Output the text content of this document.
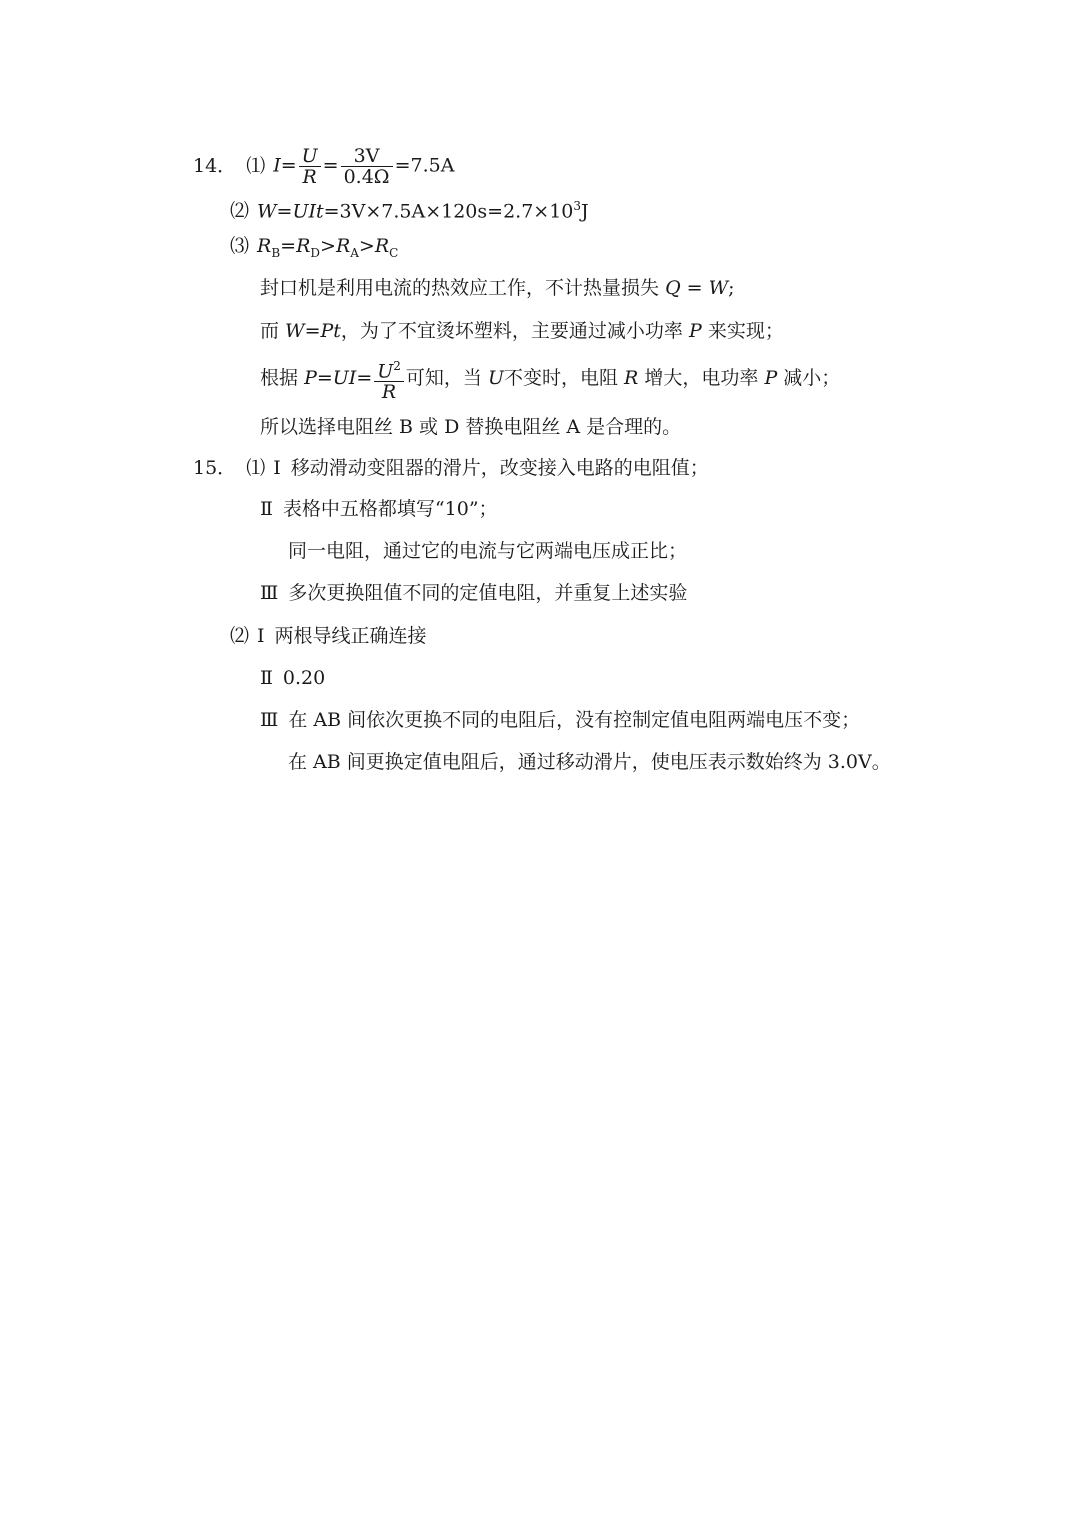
14． ⑴ $I= \frac{U}{R} = \frac{3V}{0.4\Omega} =7.5A$
⑵ $W=UIt=3V\times 7.5A\times 120s=2.7\times 10^3J$
⑶ $R_B=R_D>R_A>R_C$
封口机是利用电流的热效应工作，不计热量损失 Q = W;
而 W=Pt，为了不宜烫坏塑料，主要通过减小功率 P 来实现；
根据 $P=UI= \frac{U^2}{R}$ 可知，当 U不变时，电阻 R 增大，电功率 P 减小；
所以选择电阻丝 B 或 D 替换电阻丝 A 是合理的。
15． ⑴ Ⅰ 移动滑动变阻器的滑片，改变接入电路的电阻值；
Ⅱ 表格中五格都填写“10”；
同一电阻，通过它的电流与它两端电压成正比；
Ⅲ 多次更换阻值不同的定值电阻，并重复上述实验
⑵ Ⅰ 两根导线正确连接
Ⅱ 0.20
Ⅲ 在 AB 间依次更换不同的电阻后，没有控制定值电阻两端电压不变；
在 AB 间更换定值电阻后，通过移动滑片，使电压表示数始终为 3.0V。
